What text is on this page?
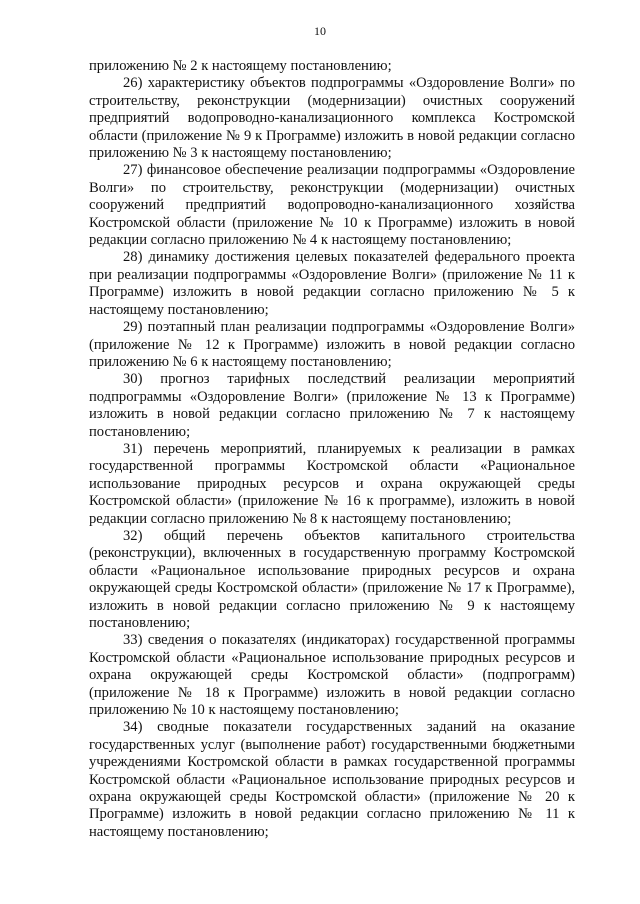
10

приложению № 2 к настоящему постановлению;

26) характеристику объектов подпрограммы «Оздоровление Волги» по строительству, реконструкции (модернизации) очистных сооружений предприятий водопроводно-канализационного комплекса Костромской области (приложение № 9 к Программе) изложить в новой редакции согласно приложению № 3 к настоящему постановлению;

27) финансовое обеспечение реализации подпрограммы «Оздоровление Волги» по строительству, реконструкции (модернизации) очистных сооружений предприятий водопроводно-канализационного хозяйства Костромской области (приложение № 10 к Программе) изложить в новой редакции согласно приложению № 4 к настоящему постановлению;

28) динамику достижения целевых показателей федерального проекта при реализации подпрограммы «Оздоровление Волги» (приложение № 11 к Программе) изложить в новой редакции согласно приложению № 5 к настоящему постановлению;

29) поэтапный план реализации подпрограммы «Оздоровление Волги» (приложение № 12 к Программе) изложить в новой редакции согласно приложению № 6 к настоящему постановлению;

30) прогноз тарифных последствий реализации мероприятий подпрограммы «Оздоровление Волги» (приложение № 13 к Программе) изложить в новой редакции согласно приложению № 7 к настоящему постановлению;

31) перечень мероприятий, планируемых к реализации в рамках государственной программы Костромской области «Рациональное использование природных ресурсов и охрана окружающей среды Костромской области» (приложение № 16 к программе), изложить в новой редакции согласно приложению № 8 к настоящему постановлению;

32) общий перечень объектов капитального строительства (реконструкции), включенных в государственную программу Костромской области «Рациональное использование природных ресурсов и охрана окружающей среды Костромской области» (приложение № 17 к Программе), изложить в новой редакции согласно приложению № 9 к настоящему постановлению;

33) сведения о показателях (индикаторах) государственной программы Костромской области «Рациональное использование природных ресурсов и охрана окружающей среды Костромской области» (подпрограмм) (приложение № 18 к Программе) изложить в новой редакции согласно приложению № 10 к настоящему постановлению;

34) сводные показатели государственных заданий на оказание государственных услуг (выполнение работ) государственными бюджетными учреждениями Костромской области в рамках государственной программы Костромской области «Рациональное использование природных ресурсов и охрана окружающей среды Костромской области» (приложение № 20 к Программе) изложить в новой редакции согласно приложению № 11 к настоящему постановлению;
